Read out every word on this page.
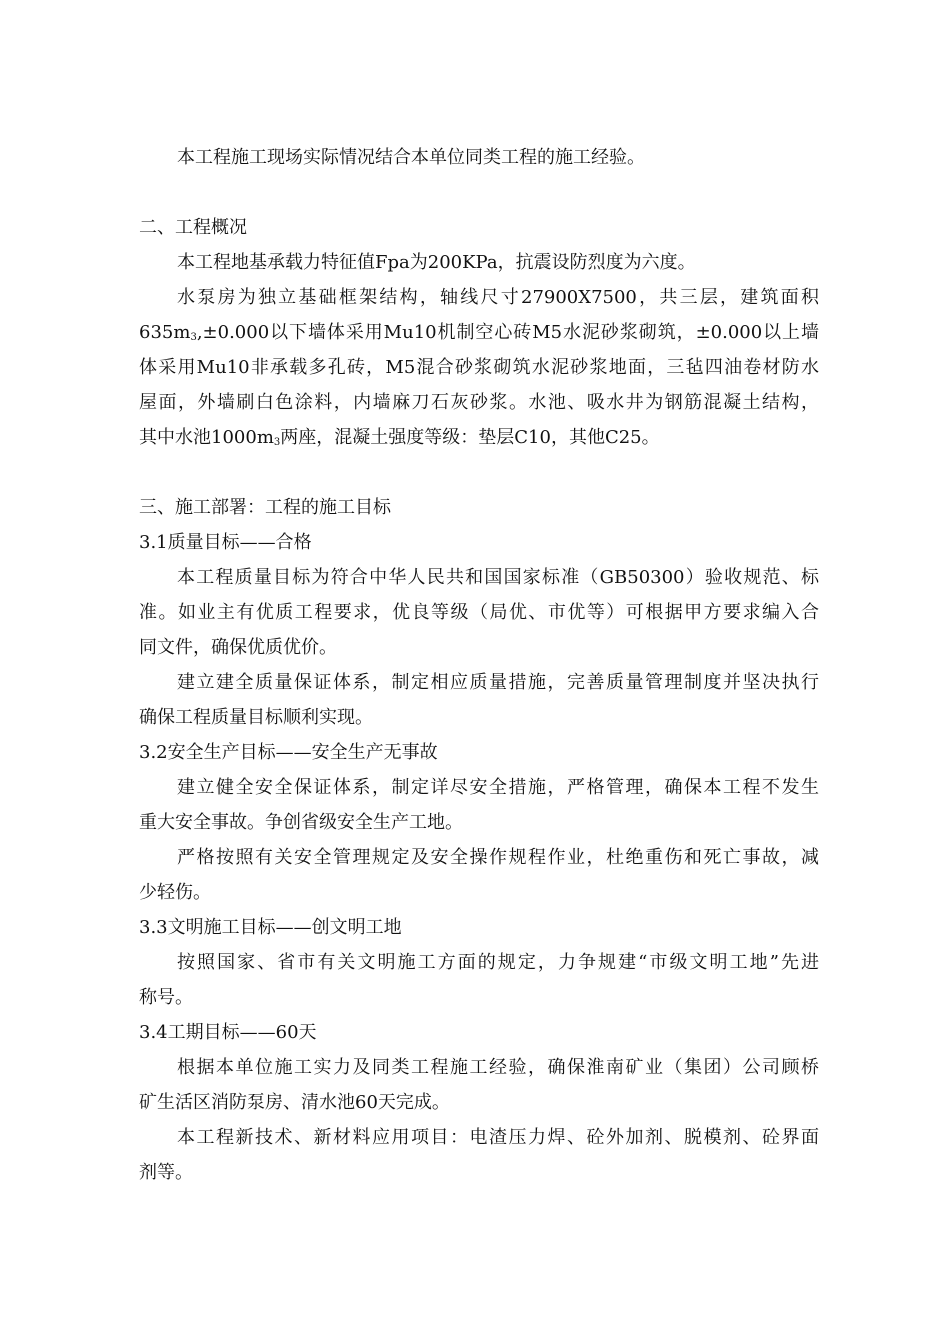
本工程施工现场实际情况结合本单位同类工程的施工经验。
二、工程概况
本工程地基承载力特征值Fpa为200KPa，抗震设防烈度为六度。
水泵房为独立基础框架结构，轴线尺寸27900X7500，共三层，建筑面积
$635m_3,\pm 0.000$以下墙体采用Mu10机制空心砖M5水泥砂浆砌筑，±0.000以上墙
体采用Mu10非承载多孔砖，M5混合砂浆砌筑水泥砂浆地面，三毡四油卷材防水
屋面，外墙刷白色涂料，内墙麻刀石灰砂浆。水池、吸水井为钢筋混凝土结构，
其中水池$1000m_3$两座，混凝土强度等级：垫层C10，其他C25。
三、施工部署：工程的施工目标
3.1质量目标——合格
本工程质量目标为符合中华人民共和国国家标准（GB50300）验收规范、标
准。如业主有优质工程要求，优良等级（局优、市优等）可根据甲方要求编入合
同文件，确保优质优价。
建立建全质量保证体系，制定相应质量措施，完善质量管理制度并坚决执行
确保工程质量目标顺利实现。
3.2安全生产目标——安全生产无事故
建立健全安全保证体系，制定详尽安全措施，严格管理，确保本工程不发生
重大安全事故。争创省级安全生产工地。
严格按照有关安全管理规定及安全操作规程作业，杜绝重伤和死亡事故，减
少轻伤。
3.3文明施工目标——创文明工地
按照国家、省市有关文明施工方面的规定，力争规建“市级文明工地”先进
称号。
3.4工期目标——60天
根据本单位施工实力及同类工程施工经验，确保淮南矿业（集团）公司顾桥
矿生活区消防泵房、清水池60天完成。
本工程新技术、新材料应用项目：电渣压力焊、砼外加剂、脱模剂、砼界面
剂等。
